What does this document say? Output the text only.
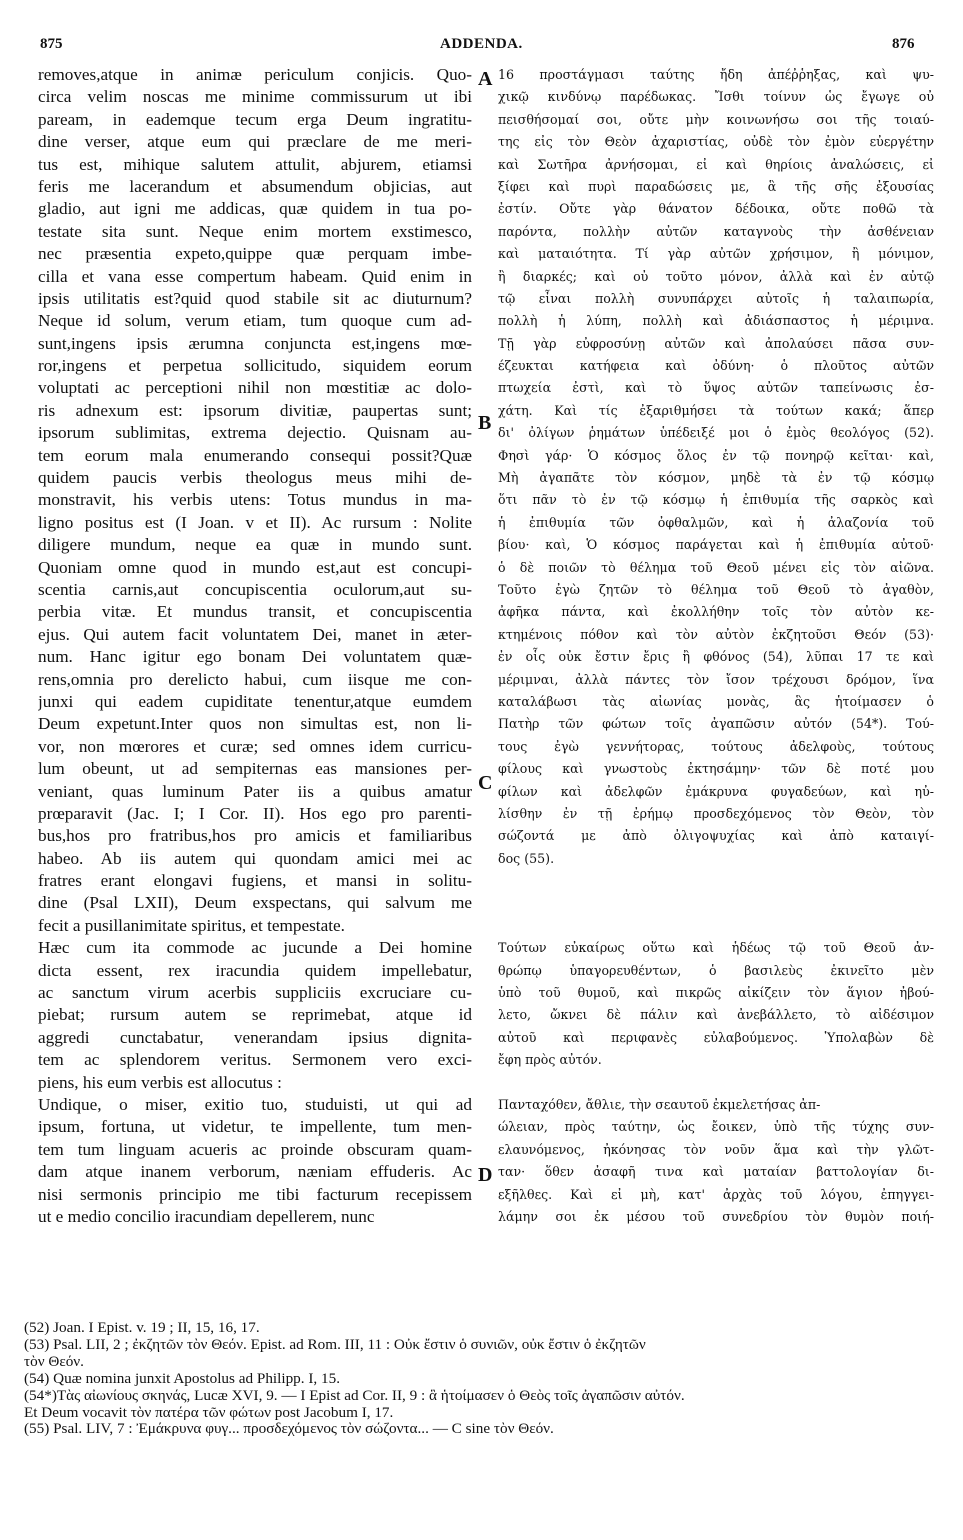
875	ADDENDA.	876
removes,atque in animæ periculum conjicis. Quo-
circa velim noscas me minime commissurum ut ibi
paream, in eademque tecum erga Deum ingratitu-
dine verser, atque eum qui præclare de me meri-
tus est, mihique salutem attulit, abjurem, etiamsi
feris me lacerandum et absumendum objicias, aut
gladio, aut igni me addicas, quæ quidem in tua po-
testate sita sunt. Neque enim mortem exstimesco,
nec præsentia expeto,quippe quæ perquam imbe-
cilla et vana esse compertum habeam. Quid enim in
ipsis utilitatis est?quid quod stabile sit ac diuturnum?
Neque id solum, verum etiam, tum quoque cum ad-
sunt,ingens ipsis ærumna conjuncta est,ingens mœ-
ror,ingens et perpetua sollicitudo, siquidem eorum
voluptati ac perceptioni nihil non mœstitiæ ac dolo-
ris adnexum est: ipsorum divitiæ, paupertas sunt;
ipsorum sublimitas, extrema dejectio. Quisnam au-
tem eorum mala enumerando consequi possit?Quæ
quidem paucis verbis theologus meus mihi de-
monstravit, his verbis utens: Totus mundus in ma-
ligno positus est (I Joan. v et II). Ac rursum : Nolite
diligere mundum, neque ea quæ in mundo sunt.
Quoniam omne quod in mundo est,aut est concupi-
scentia carnis,aut concupiscentia oculorum,aut su-
perbia vitæ. Et mundus transit, et concupiscentia
ejus. Qui autem facit voluntatem Dei, manet in æter-
num. Hanc igitur ego bonam Dei voluntatem quæ-
rens,omnia pro derelicto habui, cum iisque me con-
junxi qui eadem cupiditate tenentur,atque eumdem
Deum expetunt.Inter quos non simultas est, non li-
vor, non mœrores et curæ; sed omnes idem curricu-
lum obeunt, ut ad sempiternas eas mansiones per-
veniant, quas luminum Pater iis a quibus amatur
prœparavit (Jac. I; I Cor. II). Hos ego pro parenti-
bus,hos pro fratribus,hos pro amicis et familiaribus
habeo. Ab iis autem qui quondam amici mei ac
fratres erant elongavi fugiens, et mansi in solitu-
dine (Psal LXII), Deum exspectans, qui salvum me
fecit a pusillanimitate spiritus, et tempestate.
Hæc cum ita commode ac jucunde a Dei homine
dicta essent, rex iracundia quidem impellebatur,
ac sanctum virum acerbis suppliciis excruciare cu-
piebat; rursum autem se reprimebat, atque id
aggredi cunctabatur, venerandam ipsius dignita-
tem ac splendorem veritus. Sermonem vero exci-
piens, his eum verbis est allocutus :
Undique, o miser, exitio tuo, studuisti, ut qui ad
ipsum, fortuna, ut videtur, te impellente, tum men-
tem tum linguam acueris ac proinde obscuram quam-
dam atque inanem verborum, næniam effuderis. Ac
nisi sermonis principio me tibi facturum recepissem
ut e medio concilio iracundiam depellerem, nunc
16 προστάγμασι ταύτης ἤδη ἀπέῤῥηξας, καὶ ψυ-
χικῷ κινδύνῳ παρέδωκας. Ἴσθι τοίνυν ὡς ἔγωγε οὐ
πεισθήσομαί σοι, οὔτε μὴν κοινωνήσω σοι τῆς τοιαύ-
της εἰς τὸν Θεὸν ἀχαριστίας, οὐδὲ τὸν ἐμὸν εὐεργέτην
καὶ Σωτῆρα ἀρνήσομαι, εἰ καὶ θηρίοις ἀναλώσεις, εἰ
ξίφει καὶ πυρὶ παραδώσεις με, ἃ τῆς σῆς ἐξουσίας
ἐστίν. Οὔτε γὰρ θάνατον δέδοικα, οὔτε ποθῶ τὰ
παρόντα, πολλὴν αὐτῶν καταγνοὺς τὴν ἀσθένειαν
καὶ ματαιότητα. Τί γὰρ αὐτῶν χρήσιμον, ἢ μόνιμον,
ἢ διαρκές; καὶ οὐ τοῦτο μόνον, ἀλλὰ καὶ ἐν αὐτῷ
τῷ εἶναι πολλὴ συνυπάρχει αὐτοῖς ἡ ταλαιπωρία,
πολλὴ ἡ λύπη, πολλὴ καὶ ἀδιάσπαστος ἡ μέριμνα.
Τῇ γὰρ εὐφροσύνῃ αὐτῶν καὶ ἀπολαύσει πᾶσα συν-
έζευκται κατήφεια καὶ ὀδύνη· ὁ πλοῦτος αὐτῶν
πτωχεία ἐστὶ, καὶ τὸ ὕψος αὐτῶν ταπείνωσις ἐσ-
χάτη. Καὶ τίς ἐξαριθμήσει τὰ τούτων κακά; ἅπερ
δι' ὀλίγων ῥημάτων ὑπέδειξέ μοι ὁ ἐμὸς θεολόγος (52).
Φησὶ γάρ· Ὁ κόσμος ὅλος ἐν τῷ πονηρῷ κεῖται· καὶ,
Μὴ ἀγαπᾶτε τὸν κόσμον, μηδὲ τὰ ἐν τῷ κόσμῳ
ὅτι πᾶν τὸ ἐν τῷ κόσμῳ ἡ ἐπιθυμία τῆς σαρκὸς καὶ
ἡ ἐπιθυμία τῶν ὀφθαλμῶν, καὶ ἡ ἀλαζονία τοῦ
βίου· καὶ, Ὁ κόσμος παράγεται καὶ ἡ ἐπιθυμία αὐτοῦ·
ὁ δὲ ποιῶν τὸ θέλημα τοῦ Θεοῦ μένει εἰς τὸν αἰῶνα.
Τοῦτο ἐγὼ ζητῶν τὸ θέλημα τοῦ Θεοῦ τὸ ἀγαθὸν,
ἀφῆκα πάντα, καὶ ἐκολλήθην τοῖς τὸν αὐτὸν κε-
κτημένοις πόθον καὶ τὸν αὐτὸν ἐκζητοῦσι Θεόν (53)·
ἐν οἷς οὐκ ἔστιν ἔρις ἢ φθόνος (54), λῦπαι 17 τε καὶ
μέριμναι, ἀλλὰ πάντες τὸν ἴσον τρέχουσι δρόμον, ἵνα
καταλάβωσι τὰς αἰωνίας μονὰς, ἃς ἡτοίμασεν ὁ
Πατὴρ τῶν φώτων τοῖς ἀγαπῶσιν αὐτόν (54*). Τού-
τους ἐγὼ γεννήτορας, τούτους ἀδελφοὺς, τούτους
φίλους καὶ γνωστοὺς ἐκτησάμην· τῶν δὲ ποτέ μου
φίλων καὶ ἀδελφῶν ἐμάκρυνα φυγαδεύων, καὶ ηὐ-
λίσθην ἐν τῇ ἐρήμῳ προσδεχόμενος τὸν Θεὸν, τὸν
σώζοντά με ἀπὸ ὀλιγοψυχίας καὶ ἀπὸ καταιγί-
δος (55).
Τούτων εὐκαίρως οὕτω καὶ ἡδέως τῷ τοῦ Θεοῦ ἀν-
θρώπῳ ὑπαγορευθέντων, ὁ βασιλεὺς ἐκινεῖτο μὲν
ὑπὸ τοῦ θυμοῦ, καὶ πικρῶς αἰκίζειν τὸν ἅγιον ἠβού-
λετο, ὤκνει δὲ πάλιν καὶ ἀνεβάλλετο, τὸ αἰδέσιμον
αὐτοῦ καὶ περιφανὲς εὐλαβούμενος. Ὑπολαβὼν δὲ
ἔφη πρὸς αὐτόν.
Πανταχόθεν, ἄθλιε, τὴν σεαυτοῦ ἐκμελετήσας ἀπ-
ώλειαν, πρὸς ταύτην, ὡς ἔοικεν, ὑπὸ τῆς τύχης συν-
ελαυνόμενος, ἠκόνησας τὸν νοῦν ἅμα καὶ τὴν γλῶτ-
ταν· ὅθεν ἀσαφῆ τινα καὶ ματαίαν βαττολογίαν δι-
εξῆλθες. Καὶ εἰ μὴ, κατ' ἀρχὰς τοῦ λόγου, ἐπηγγει-
λάμην σοι ἐκ μέσου τοῦ συνεδρίου τὸν θυμὸν ποιή-
A
B
C
D
(52) Joan. I Epist. v. 19 ; II, 15, 16, 17.
(53) Psal. LII, 2 ; ἐκζητῶν τὸν Θεόν. Epist. ad Rom. III, 11 : Οὐκ ἔστιν ὁ συνιῶν, οὐκ ἔστιν ὁ ἐκζητῶν
τὸν Θεόν.
(54) Quæ nomina junxit Apostolus ad Philipp. I, 15.
(54*)Τὰς αἰωνίους σκηνάς, Lucæ XVI, 9. — I Epist ad Cor. II, 9 : ἃ ἡτοίμασεν ὁ Θεὸς τοῖς ἀγαπῶσιν αὐτόν.
Et Deum vocavit τὸν πατέρα τῶν φώτων post Jacobum I, 17.
(55) Psal. LIV, 7 : Ἐμάκρυνα φυγ... προσδεχόμενος τὸν σώζοντα... — C sine τὸν Θεόν.
